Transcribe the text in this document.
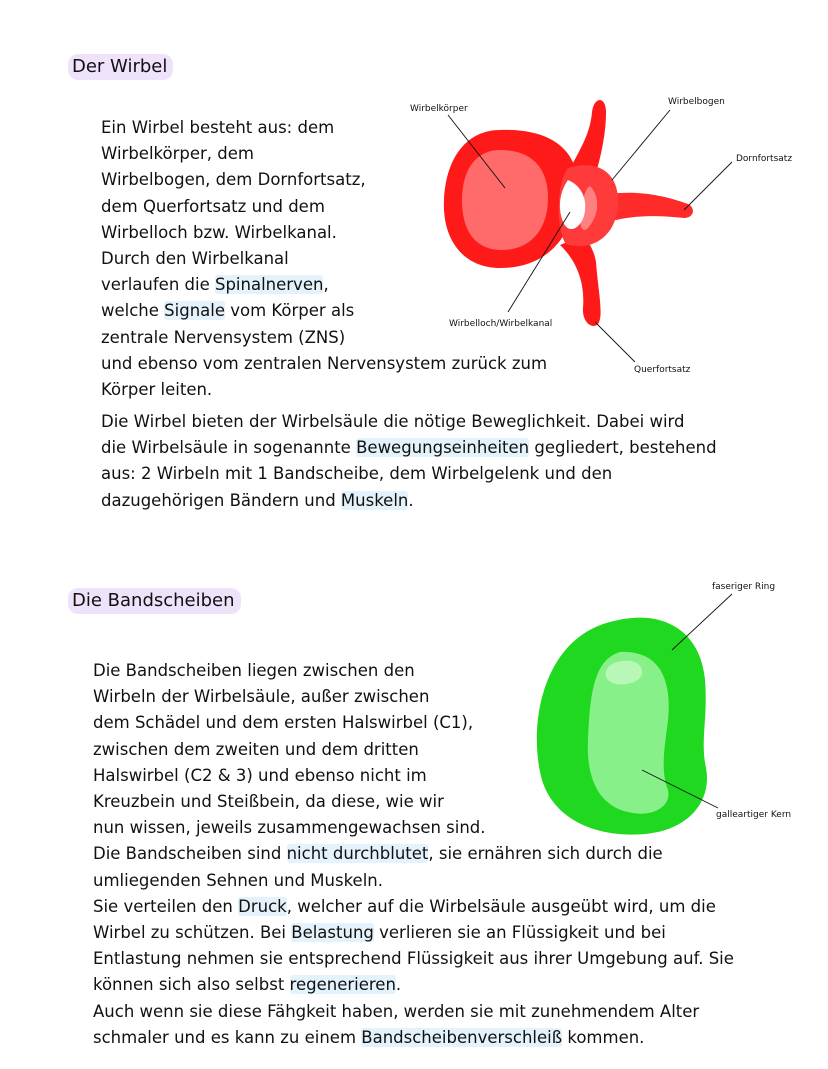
Der Wirbel
Wirbelkörper
Wirbelbogen
Dornfortsatz
Wirbelloch/Wirbelkanal
Querfortsatz
Ein Wirbel besteht aus: dem
Wirbelkörper, dem
Wirbelbogen, dem Dornfortsatz,
dem Querfortsatz und dem
Wirbelloch bzw. Wirbelkanal.
Durch den Wirbelkanal
verlaufen die Spinalnerven,
welche Signale vom Körper als
zentrale Nervensystem (ZNS)
und ebenso vom zentralen Nervensystem zurück zum
Körper leiten.
Die Wirbel bieten der Wirbelsäule die nötige Beweglichkeit. Dabei wird
die Wirbelsäule in sogenannte Bewegungseinheiten gegliedert, bestehend
aus: 2 Wirbeln mit 1 Bandscheibe, dem Wirbelgelenk und den
dazugehörigen Bändern und Muskeln.
Die Bandscheiben
faseriger Ring
galleartiger Kern
Die Bandscheiben liegen zwischen den
Wirbeln der Wirbelsäule, außer zwischen
dem Schädel und dem ersten Halswirbel (C1),
zwischen dem zweiten und dem dritten
Halswirbel (C2 & 3) und ebenso nicht im
Kreuzbein und Steißbein, da diese, wie wir
nun wissen, jeweils zusammengewachsen sind.
Die Bandscheiben sind nicht durchblutet, sie ernähren sich durch die
umliegenden Sehnen und Muskeln.
Sie verteilen den Druck, welcher auf die Wirbelsäule ausgeübt wird, um die
Wirbel zu schützen. Bei Belastung verlieren sie an Flüssigkeit und bei
Entlastung nehmen sie entsprechend Flüssigkeit aus ihrer Umgebung auf. Sie
können sich also selbst regenerieren.
Auch wenn sie diese Fähgkeit haben, werden sie mit zunehmendem Alter
schmaler und es kann zu einem Bandscheibenverschleiß kommen.
